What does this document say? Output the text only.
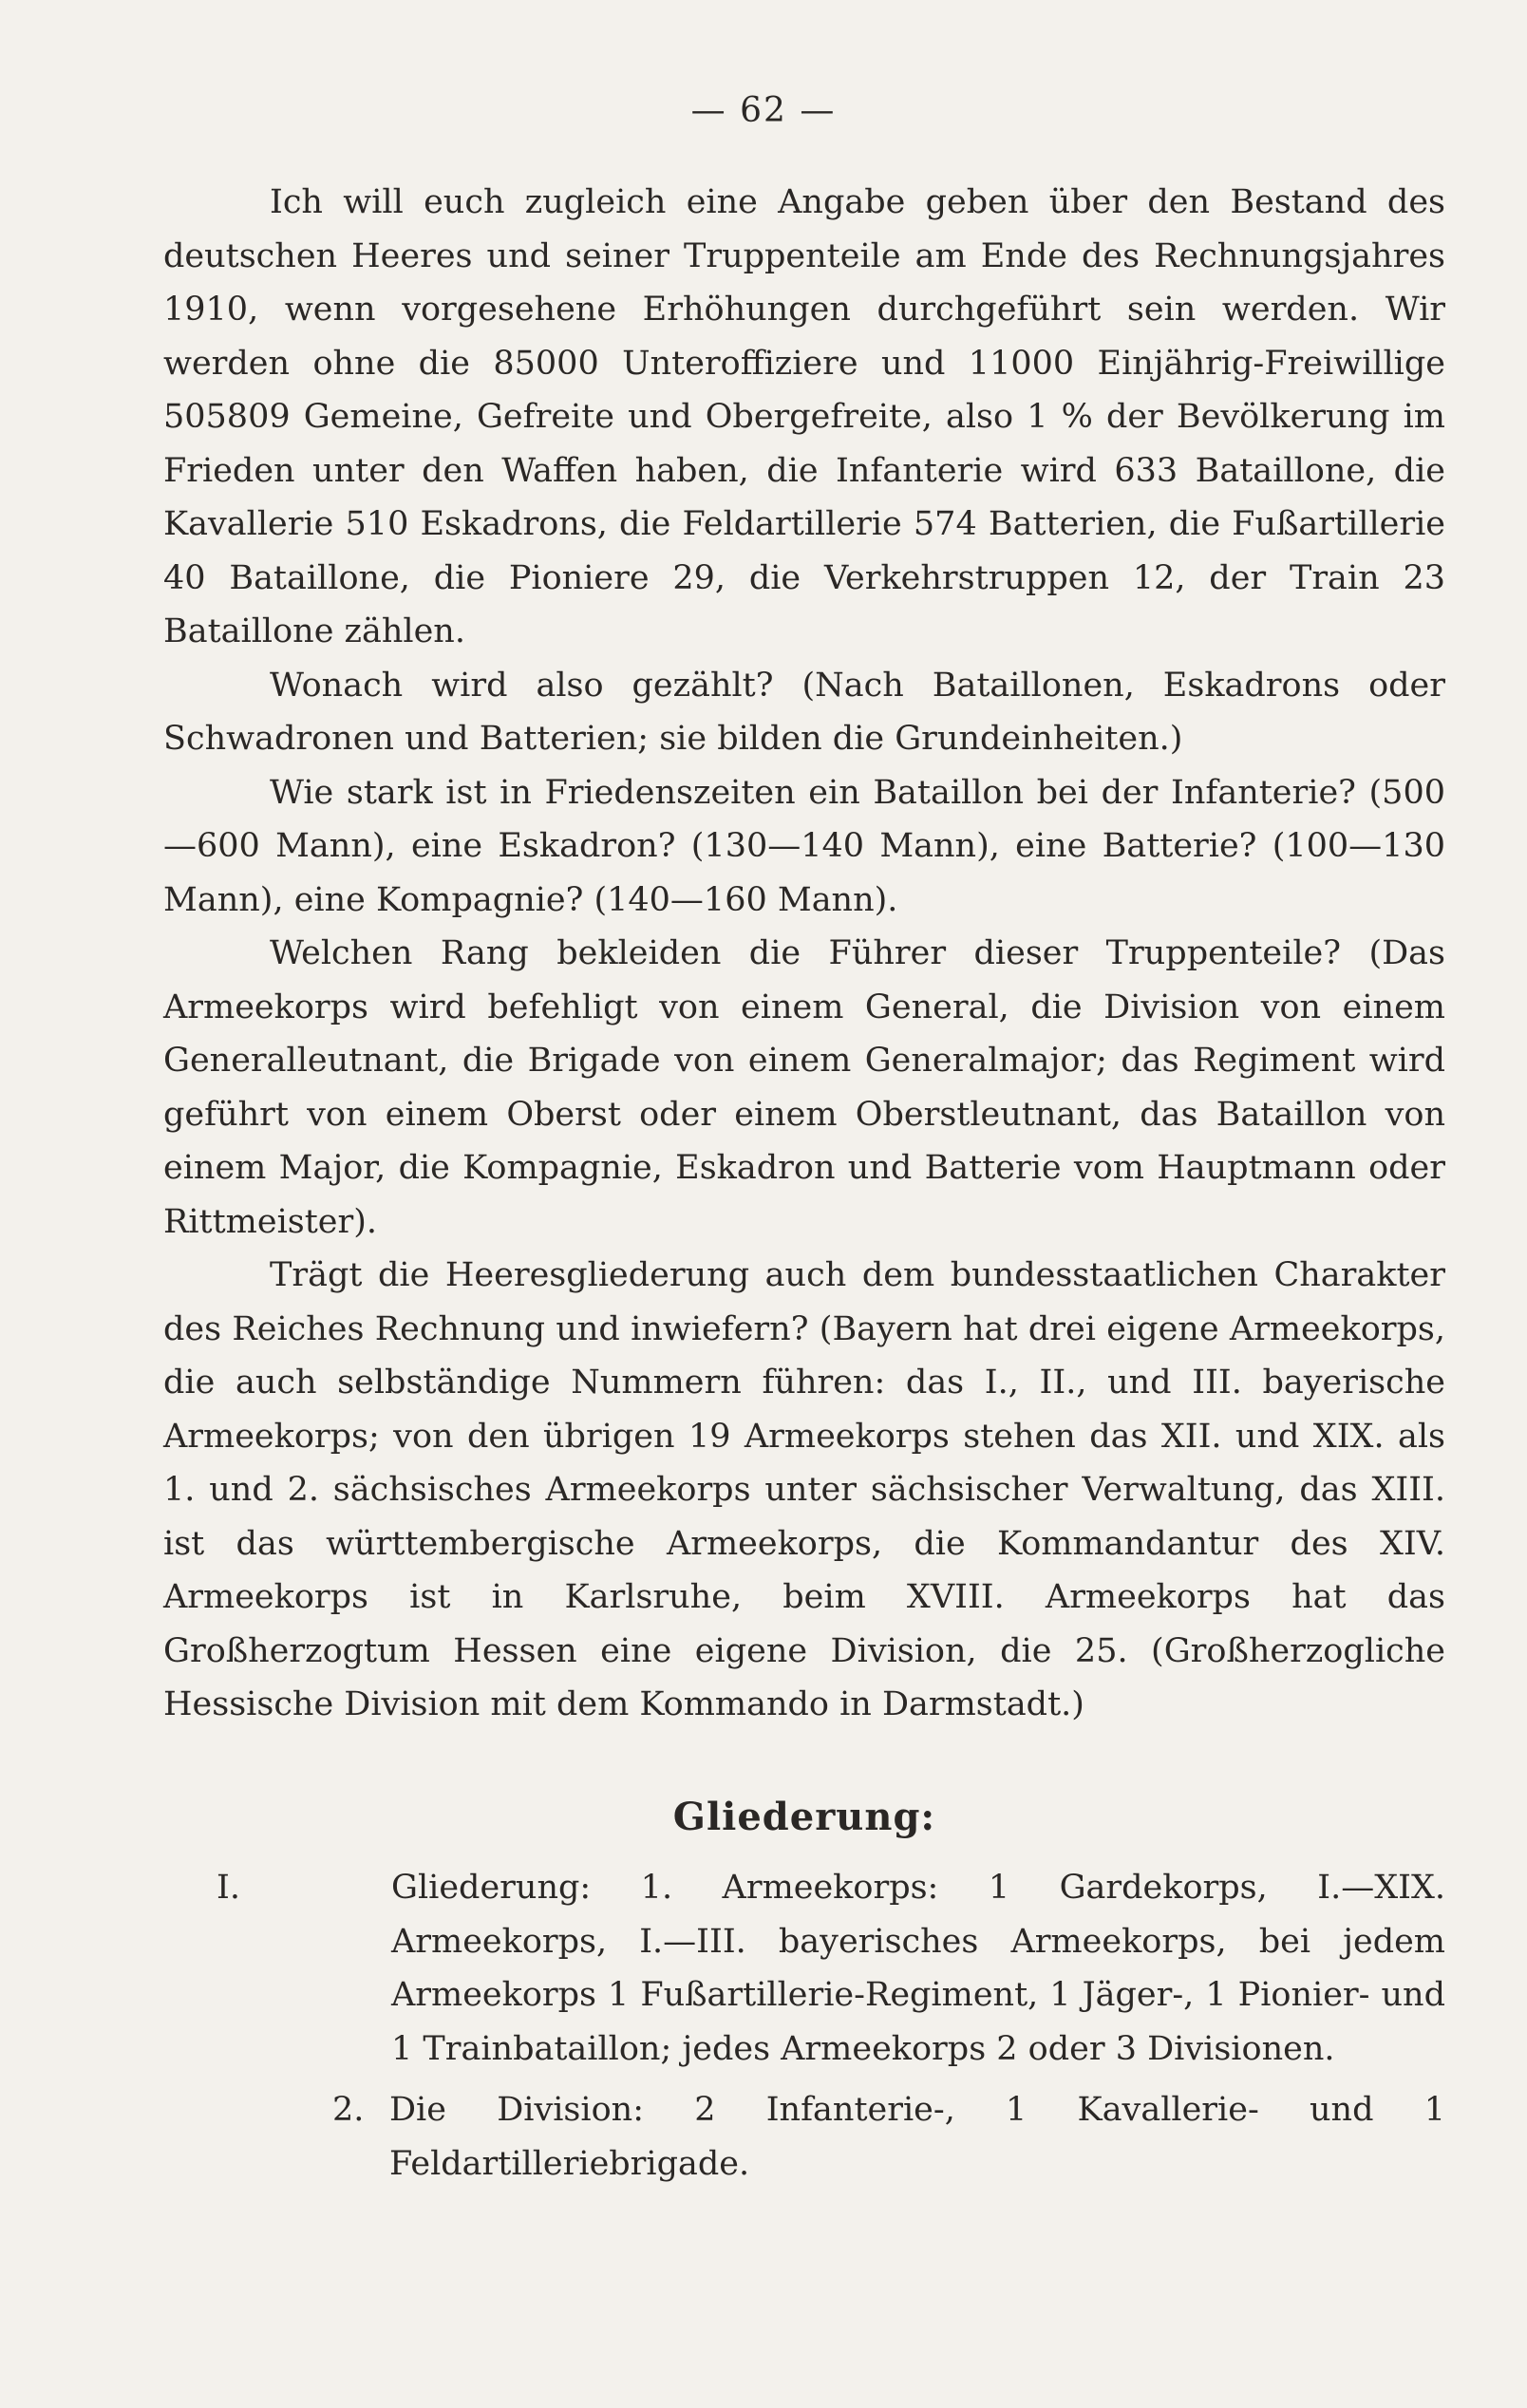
— 62 —

Ich will euch zugleich eine Angabe geben über den Bestand des deutschen Heeres und seiner Truppenteile am Ende des Rechnungsjahres 1910, wenn vorgesehene Erhöhungen durchgeführt sein werden. Wir werden ohne die 85000 Unteroffiziere und 11000 Einjährig-Freiwillige 505809 Gemeine, Gefreite und Obergefreite, also 1 % der Bevölkerung im Frieden unter den Waffen haben, die Infanterie wird 633 Bataillone, die Kavallerie 510 Eskadrons, die Feldartillerie 574 Batterien, die Fußartillerie 40 Bataillone, die Pioniere 29, die Verkehrstruppen 12, der Train 23 Bataillone zählen.

Wonach wird also gezählt? (Nach Bataillonen, Eskadrons oder Schwadronen und Batterien; sie bilden die Grundeinheiten.)

Wie stark ist in Friedenszeiten ein Bataillon bei der Infanterie? (500—600 Mann), eine Eskadron? (130—140 Mann), eine Batterie? (100—130 Mann), eine Kompagnie? (140—160 Mann).

Welchen Rang bekleiden die Führer dieser Truppenteile? (Das Armeekorps wird befehligt von einem General, die Division von einem Generalleutnant, die Brigade von einem Generalmajor; das Regiment wird geführt von einem Oberst oder einem Oberstleutnant, das Bataillon von einem Major, die Kompagnie, Eskadron und Batterie vom Hauptmann oder Rittmeister).

Trägt die Heeresgliederung auch dem bundesstaatlichen Charakter des Reiches Rechnung und inwiefern? (Bayern hat drei eigene Armeekorps, die auch selbständige Nummern führen: das I., II., und III. bayerische Armeekorps; von den übrigen 19 Armeekorps stehen das XII. und XIX. als 1. und 2. sächsisches Armeekorps unter sächsischer Verwaltung, das XIII. ist das württembergische Armeekorps, die Kommandantur des XIV. Armeekorps ist in Karlsruhe, beim XVIII. Armeekorps hat das Großherzogtum Hessen eine eigene Division, die 25. (Großherzogliche Hessische Division mit dem Kommando in Darmstadt.)

Gliederung:
I.	Gliederung: 1. Armeekorps: 1 Gardekorps, I.—XIX. Armeekorps, I.—III. bayerisches Armeekorps, bei jedem Armeekorps 1 Fußartillerie-Regiment, 1 Jäger-, 1 Pionier- und 1 Trainbataillon; jedes Armeekorps 2 oder 3 Divisionen.
2. Die Division: 2 Infanterie-, 1 Kavallerie- und 1 Feldartilleriebrigade.
